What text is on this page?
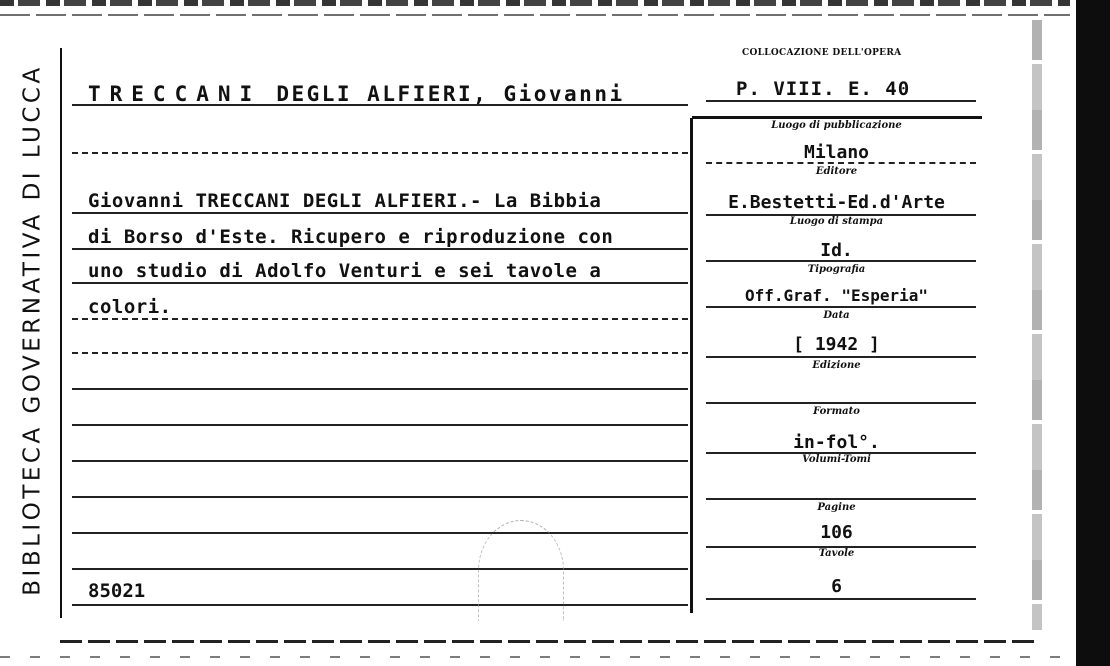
BIBLIOTECA GOVERNATIVA DI LUCCA TRECCANI DEGLI ALFIERI, Giovanni
COLLOCAZIONE DELL'OPERA
P. VIII. E. 40
Giovanni TRECCANI DEGLI ALFIERI.- La Bibbia
di Borso d'Este. Ricupero e riproduzione con
uno studio di Adolfo Venturi e sei tavole a
colori.
85021
Luogo di pubblicazione
Milano
Editore
E.Bestetti-Ed.d'Arte
Luogo di stampa
Id.
Tipografia
Off.Graf. "Esperia"
Data
[ 1942 ]
Edizione
Formato
in-fol°.
Volumi-Tomi
Pagine
106
Tavole
6
